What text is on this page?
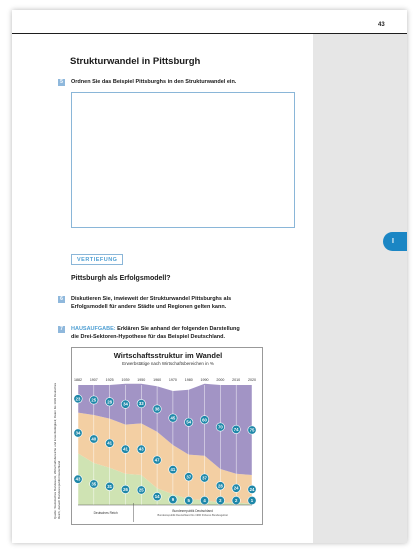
43
I
Strukturwandel in Pittsburgh
5	Ordnen Sie das Beispiel Pittsburghs in den Strukturwandel ein.
VERTIEFUNG
Pittsburgh als Erfolgsmodell?
6	Diskutieren Sie, inwieweit der Strukturwandel Pittsburghs als
Erfolgsmodell für andere Städte und Regionen gelten kann.
7	HAUSAUFGABE: Erklären Sie anhand der folgenden Darstellung
die Drei-Sektoren-Hypothese für das Beispiel Deutschland.
Quelle: Statistisches Bundesamt, Wirtschaftsbereiche und Erwerbstätigkeit; Daten bis 1939 Deutsches Reich, danach Bundesrepublik Deutschland
Wirtschaftsstruktur im Wandel
Erwerbstätige nach Wirtschaftsbereichen in %
1882 1907 1925 1939 1950 1960 1970 1980 1990 2000 2010 2020
43
35	31
26	25
14
9	5	4	2	2	1
34
40
41
41	43
47
41
37	37
28	24	24
23	25	28	34	33
38
45
54	60
70	74	75
Deutsches Reich	Bundesrepublik Deutschland
Bundesrepublik Deutschland bis 1990 früheres Bundesgebiet
